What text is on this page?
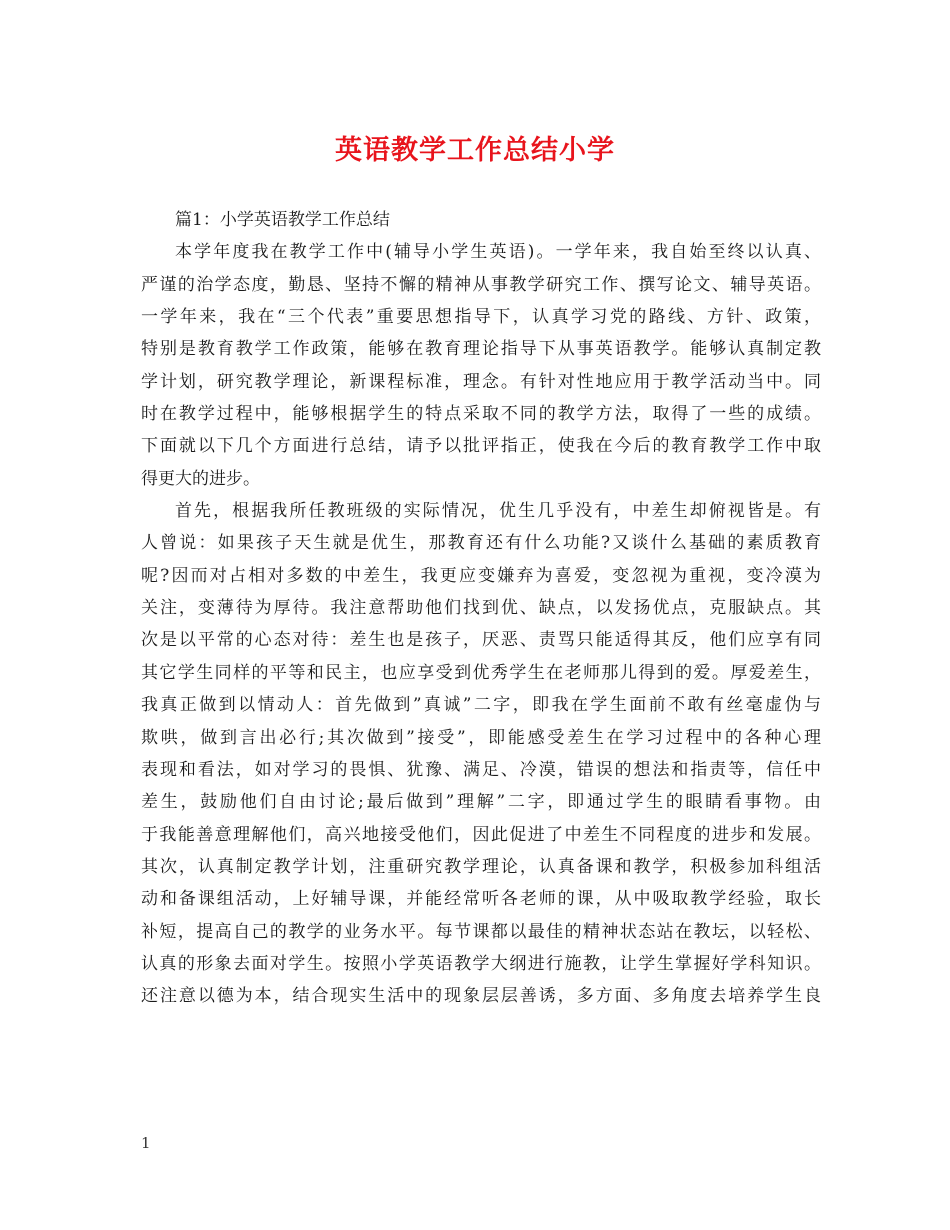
英语教学工作总结小学
篇1：小学英语教学工作总结
本学年度我在教学工作中(辅导小学生英语)。一学年来，我自始至终以认真、
严谨的治学态度，勤恳、坚持不懈的精神从事教学研究工作、撰写论文、辅导英语。
一学年来，我在“三个代表”重要思想指导下，认真学习党的路线、方针、政策，
特别是教育教学工作政策，能够在教育理论指导下从事英语教学。能够认真制定教
学计划，研究教学理论，新课程标准，理念。有针对性地应用于教学活动当中。同
时在教学过程中，能够根据学生的特点采取不同的教学方法，取得了一些的成绩。
下面就以下几个方面进行总结，请予以批评指正，使我在今后的教育教学工作中取
得更大的进步。
首先，根据我所任教班级的实际情况，优生几乎没有，中差生却俯视皆是。有
人曾说：如果孩子天生就是优生，那教育还有什么功能?又谈什么基础的素质教育
呢?因而对占相对多数的中差生，我更应变嫌弃为喜爱，变忽视为重视，变冷漠为
关注，变薄待为厚待。我注意帮助他们找到优、缺点，以发扬优点，克服缺点。其
次是以平常的心态对待：差生也是孩子，厌恶、责骂只能适得其反，他们应享有同
其它学生同样的平等和民主，也应享受到优秀学生在老师那儿得到的爱。厚爱差生，
我真正做到以情动人：首先做到”真诚”二字，即我在学生面前不敢有丝毫虚伪与
欺哄，做到言出必行;其次做到”接受”，即能感受差生在学习过程中的各种心理
表现和看法，如对学习的畏惧、犹豫、满足、冷漠，错误的想法和指责等，信任中
差生，鼓励他们自由讨论;最后做到”理解”二字，即通过学生的眼睛看事物。由
于我能善意理解他们，高兴地接受他们，因此促进了中差生不同程度的进步和发展。
其次，认真制定教学计划，注重研究教学理论，认真备课和教学，积极参加科组活
动和备课组活动，上好辅导课，并能经常听各老师的课，从中吸取教学经验，取长
补短，提高自己的教学的业务水平。每节课都以最佳的精神状态站在教坛，以轻松、
认真的形象去面对学生。按照小学英语教学大纲进行施教，让学生掌握好学科知识。
还注意以德为本，结合现实生活中的现象层层善诱，多方面、多角度去培养学生良
1
